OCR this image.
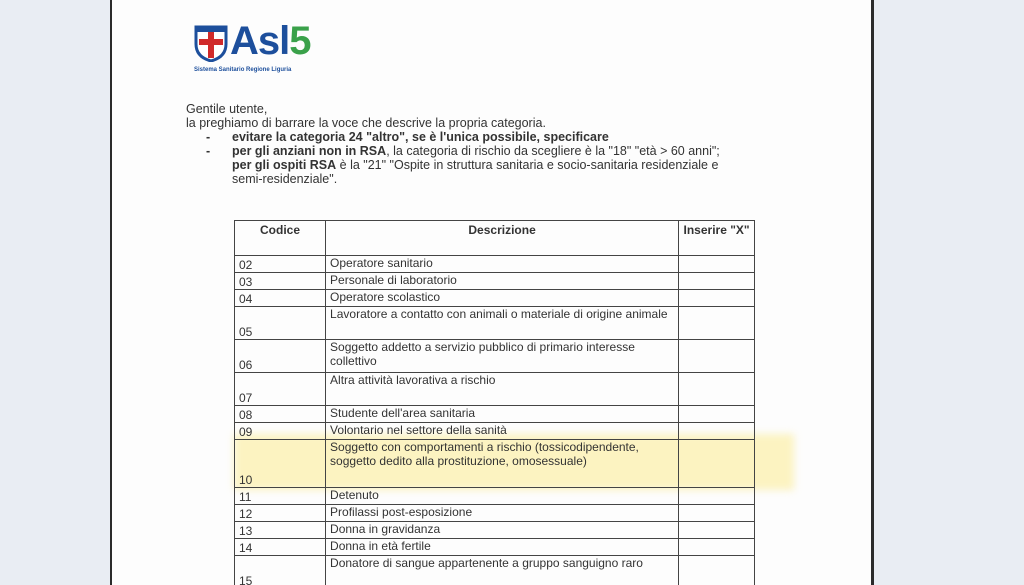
Asl5
Sistema Sanitario Regione Liguria

Gentile utente,

la preghiamo di barrare la voce che descrive la propria categoria.

- evitare la categoria 24 "altro", se è l'unica possibile, specificare
- per gli anziani non in RSA, la categoria di rischio da scegliere è la "18" "età > 60 anni";
per gli ospiti RSA è la "21" "Ospite in struttura sanitaria e socio-sanitaria residenziale e
semi-residenziale".
Codice	Descrizione	Inserire "X"
02	Operatore sanitario	
03	Personale di laboratorio	
04	Operatore scolastico	
05	Lavoratore a contatto con animali o materiale di origine animale	
06	Soggetto addetto a servizio pubblico di primario interesse collettivo	
07	Altra attività lavorativa a rischio	
08	Studente dell'area sanitaria	
09	Volontario nel settore della sanità	
10	Soggetto con comportamenti a rischio (tossicodipendente, soggetto dedito alla prostituzione, omosessuale)	
11	Detenuto	
12	Profilassi post-esposizione	
13	Donna in gravidanza	
14	Donna in età fertile	
15	Donatore di sangue appartenente a gruppo sanguigno raro	
